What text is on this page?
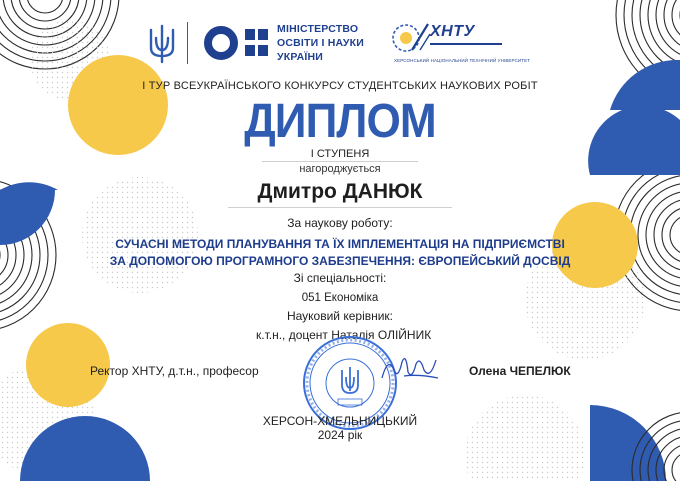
МІНІСТЕРСТВО
ОСВІТИ І НАУКИ
УКРАЇНИ
ХНТУ
ХЕРСОНСЬКИЙ НАЦІОНАЛЬНИЙ ТЕХНІЧНИЙ УНІВЕРСИТЕТ
І ТУР ВСЕУКРАЇНСЬКОГО КОНКУРСУ СТУДЕНТСЬКИХ НАУКОВИХ РОБІТ
ДИПЛОМ
І СТУПЕНЯ
нагороджується
Дмитро ДАНЮК
За наукову роботу:
СУЧАСНІ МЕТОДИ ПЛАНУВАННЯ ТА ЇХ ІМПЛЕМЕНТАЦІЯ НА ПІДПРИЄМСТВІ
ЗА ДОПОМОГОЮ ПРОГРАМНОГО ЗАБЕЗПЕЧЕННЯ: ЄВРОПЕЙСЬКИЙ ДОСВІД
Зі спеціальності:
051 Економіка
Науковий керівник:
к.т.н., доцент Наталія ОЛІЙНИК
Ректор ХНТУ, д.т.н., професор	Олена ЧЕПЕЛЮК
ХЕРСОН-ХМЕЛЬНИЦЬКИЙ
2024 рік
